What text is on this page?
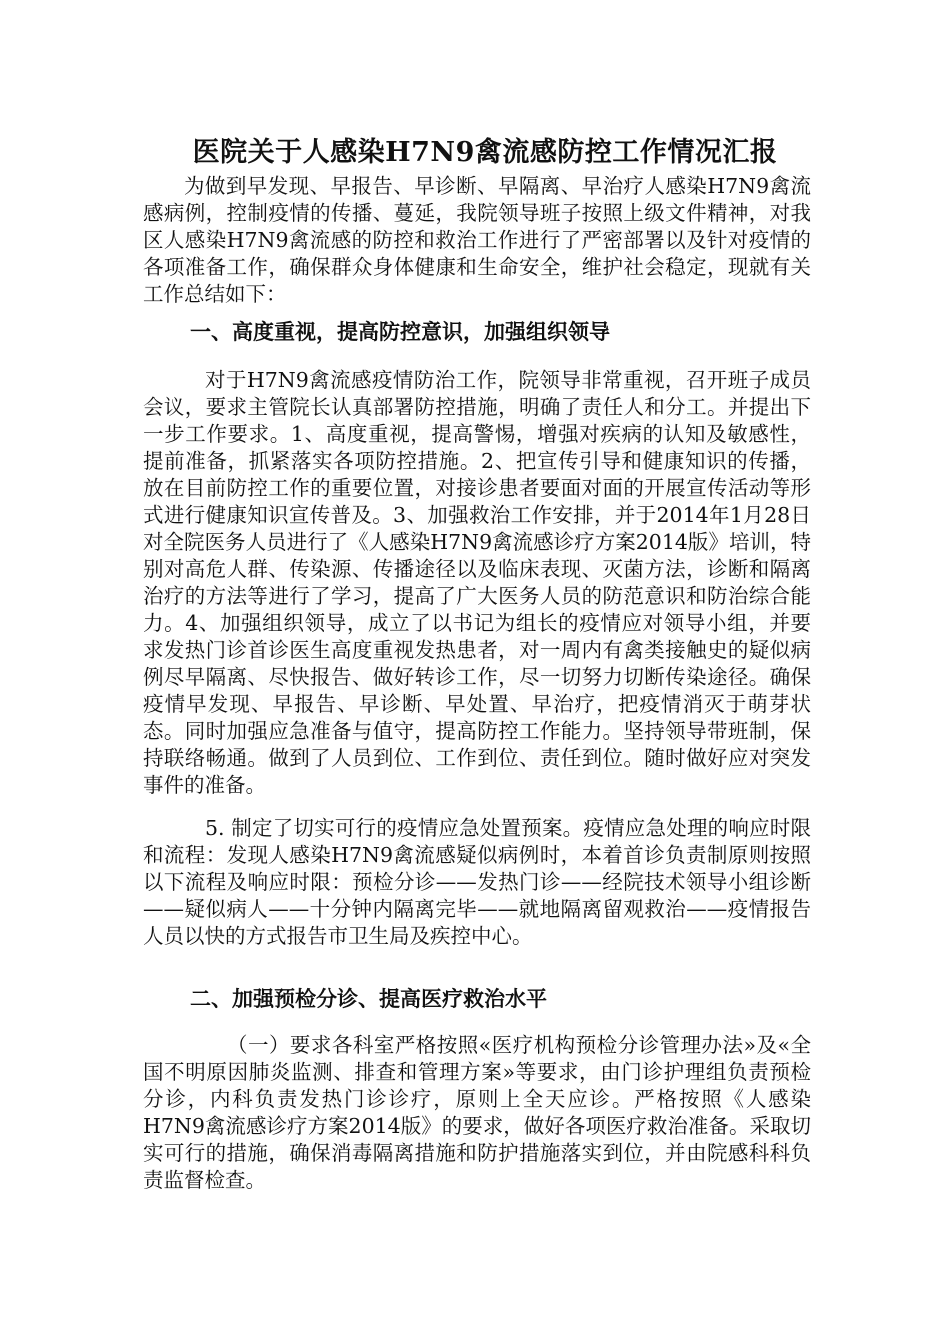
医院关于人感染H7N9禽流感防控工作情况汇报
为做到早发现、早报告、早诊断、早隔离、早治疗人感染H7N9禽流感病例，控制疫情的传播、蔓延，我院领导班子按照上级文件精神，对我区人感染H7N9禽流感的防控和救治工作进行了严密部署以及针对疫情的各项准备工作，确保群众身体健康和生命安全，维护社会稳定，现就有关工作总结如下：
一、高度重视，提高防控意识，加强组织领导
对于H7N9禽流感疫情防治工作，院领导非常重视，召开班子成员会议，要求主管院长认真部署防控措施，明确了责任人和分工。并提出下一步工作要求。1、高度重视，提高警惕，增强对疾病的认知及敏感性，提前准备，抓紧落实各项防控措施。2、把宣传引导和健康知识的传播，放在目前防控工作的重要位置，对接诊患者要面对面的开展宣传活动等形式进行健康知识宣传普及。3、加强救治工作安排，并于2014年1月28日对全院医务人员进行了《人感染H7N9禽流感诊疗方案2014版》培训，特别对高危人群、传染源、传播途径以及临床表现、灭菌方法，诊断和隔离治疗的方法等进行了学习，提高了广大医务人员的防范意识和防治综合能力。4、加强组织领导，成立了以书记为组长的疫情应对领导小组，并要求发热门诊首诊医生高度重视发热患者，对一周内有禽类接触史的疑似病例尽早隔离、尽快报告、做好转诊工作，尽一切努力切断传染途径。确保疫情早发现、早报告、早诊断、早处置、早治疗，把疫情消灭于萌芽状态。同时加强应急准备与值守，提高防控工作能力。坚持领导带班制，保持联络畅通。做到了人员到位、工作到位、责任到位。随时做好应对突发事件的准备。
5. 制定了切实可行的疫情应急处置预案。疫情应急处理的响应时限和流程：发现人感染H7N9禽流感疑似病例时，本着首诊负责制原则按照以下流程及响应时限：预检分诊——发热门诊——经院技术领导小组诊断——疑似病人——十分钟内隔离完毕——就地隔离留观救治——疫情报告人员以快的方式报告市卫生局及疾控中心。
二、加强预检分诊、提高医疗救治水平
（一）要求各科室严格按照«医疗机构预检分诊管理办法»及«全国不明原因肺炎监测、排查和管理方案»等要求，由门诊护理组负责预检分诊，内科负责发热门诊诊疗，原则上全天应诊。严格按照《人感染H7N9禽流感诊疗方案2014版》的要求，做好各项医疗救治准备。采取切实可行的措施，确保消毒隔离措施和防护措施落实到位，并由院感科科负责监督检查。
